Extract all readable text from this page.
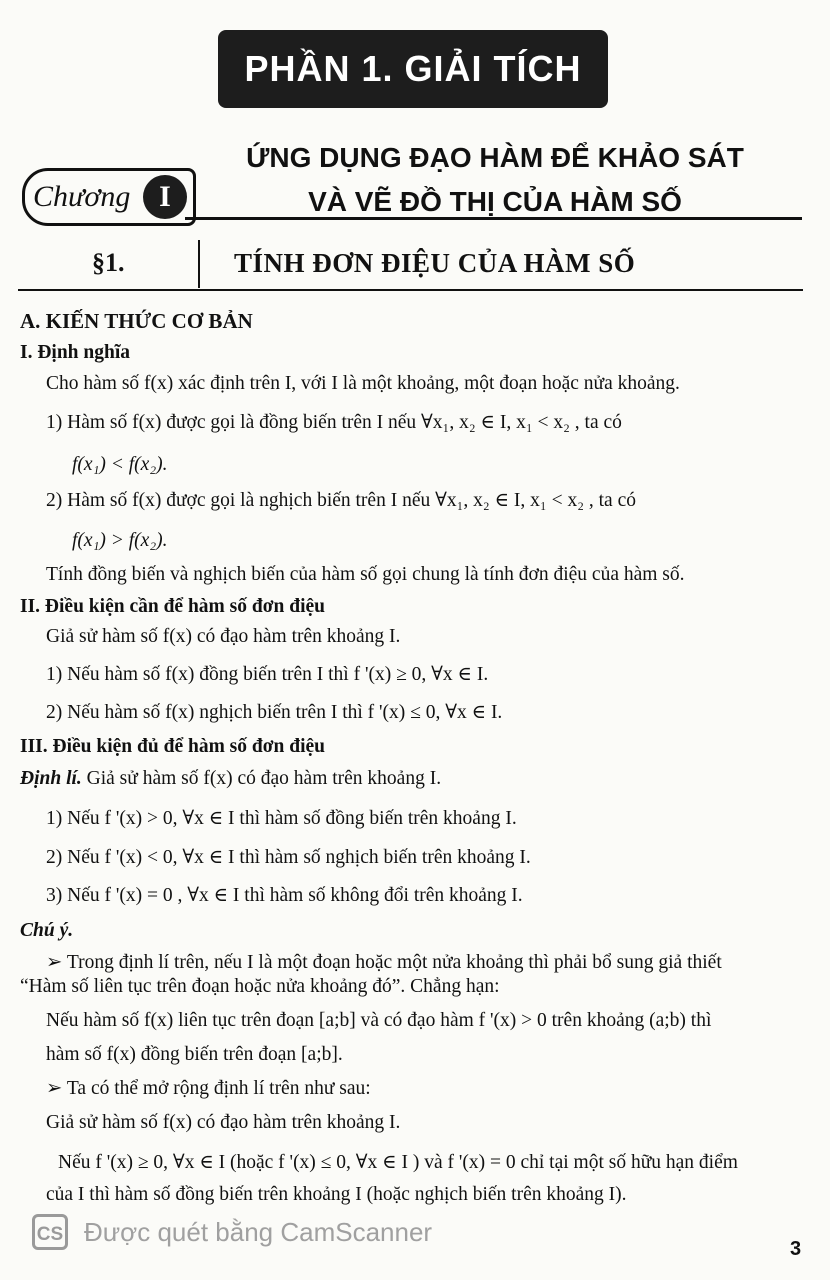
PHẦN 1. GIẢI TÍCH
Chương I
ỨNG DỤNG ĐẠO HÀM ĐỂ KHẢO SÁT
VÀ VẼ ĐỒ THỊ CỦA HÀM SỐ
§1.	TÍNH ĐƠN ĐIỆU CỦA HÀM SỐ
A. KIẾN THỨC CƠ BẢN
I. Định nghĩa
Cho hàm số f(x) xác định trên I, với I là một khoảng, một đoạn hoặc nửa khoảng.
1) Hàm số f(x) được gọi là đồng biến trên I nếu ∀x₁, x₂ ∈ I, x₁ < x₂ , ta có
f(x₁) < f(x₂).
2) Hàm số f(x) được gọi là nghịch biến trên I nếu ∀x₁, x₂ ∈ I, x₁ < x₂ , ta có
f(x₁) > f(x₂).
Tính đồng biến và nghịch biến của hàm số gọi chung là tính đơn điệu của hàm số.
II. Điều kiện cần để hàm số đơn điệu
Giả sử hàm số f(x) có đạo hàm trên khoảng I.
1) Nếu hàm số f(x) đồng biến trên I thì f '(x) ≥ 0, ∀x ∈ I.
2) Nếu hàm số f(x) nghịch biến trên I thì f '(x) ≤ 0, ∀x ∈ I.
III. Điều kiện đủ để hàm số đơn điệu
Định lí. Giả sử hàm số f(x) có đạo hàm trên khoảng I.
1) Nếu f '(x) > 0, ∀x ∈ I thì hàm số đồng biến trên khoảng I.
2) Nếu f '(x) < 0, ∀x ∈ I thì hàm số nghịch biến trên khoảng I.
3) Nếu f '(x) = 0 , ∀x ∈ I thì hàm số không đổi trên khoảng I.
Chú ý.
➢ Trong định lí trên, nếu I là một đoạn hoặc một nửa khoảng thì phải bổ sung giả thiết
“Hàm số liên tục trên đoạn hoặc nửa khoảng đó”. Chẳng hạn:
Nếu hàm số f(x) liên tục trên đoạn [a;b] và có đạo hàm f '(x) > 0 trên khoảng (a;b) thì
hàm số f(x) đồng biến trên đoạn [a;b].
➢ Ta có thể mở rộng định lí trên như sau:
Giả sử hàm số f(x) có đạo hàm trên khoảng I.
Nếu f '(x) ≥ 0, ∀x ∈ I (hoặc f '(x) ≤ 0, ∀x ∈ I ) và f '(x) = 0 chỉ tại một số hữu hạn điểm
của I thì hàm số đồng biến trên khoảng I (hoặc nghịch biến trên khoảng I).
CS Được quét bằng CamScanner
3
